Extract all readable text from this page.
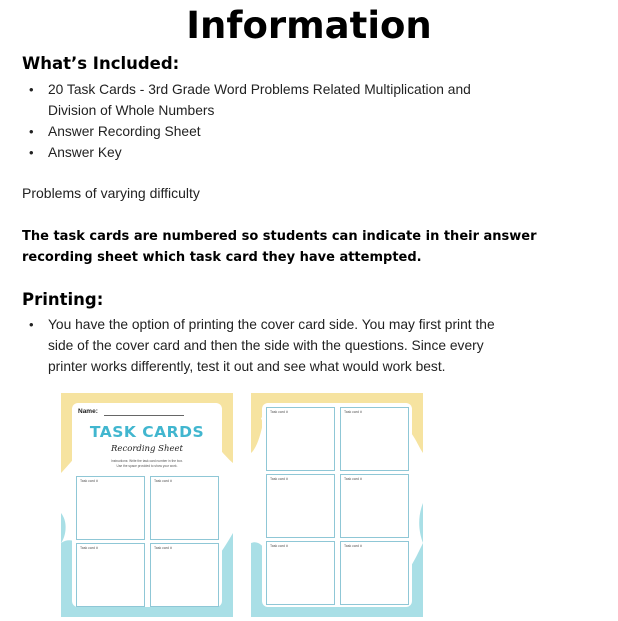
Information
What’s Included:
• 20 Task Cards - 3rd Grade Word Problems Related Multiplication and
Division of Whole Numbers
• Answer Recording Sheet
• Answer Key
Problems of varying difficulty
The task cards are numbered so students can indicate in their answer
recording sheet which task card they have attempted.
Printing:
• You have the option of printing the cover card side. You may first print the
side of the cover card and then the side with the questions. Since every
printer works differently, test it out and see what would work best.
Name:
TASK CARDS
Recording Sheet
Instructions: Write the task card number in the box.
Use the space provided to show your work.
Task card #	Task card #
Task card #	Task card #
Task card #	Task card #
Task card #	Task card #
Task card #	Task card #
